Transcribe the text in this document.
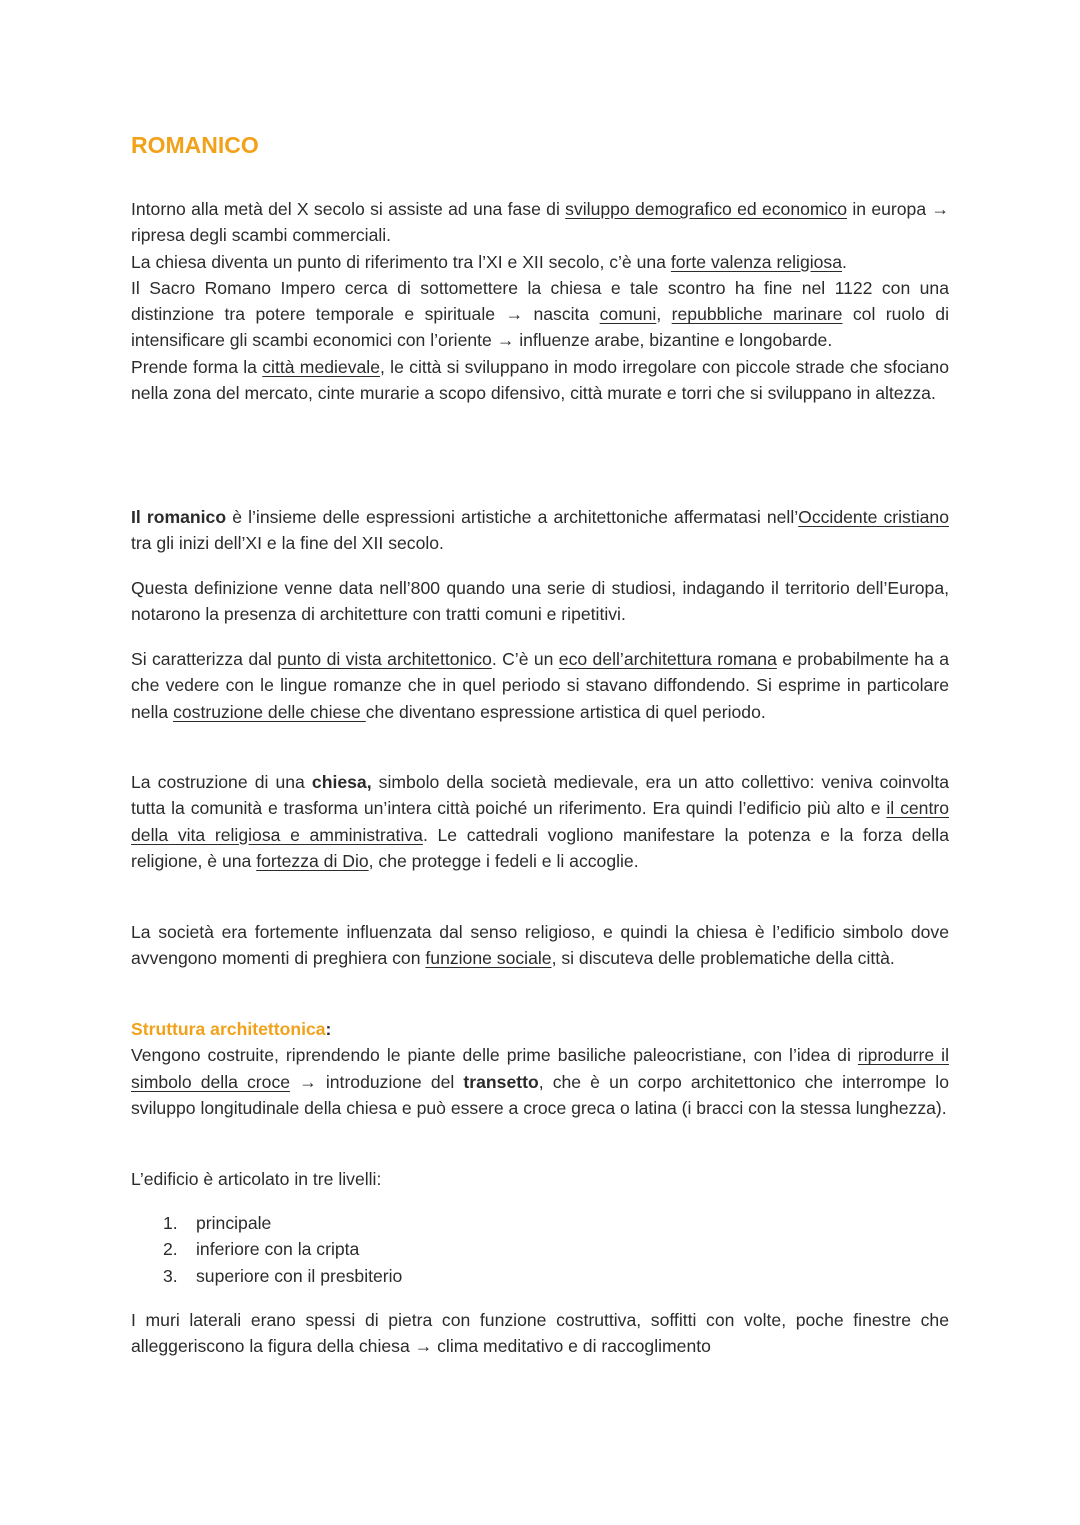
ROMANICO

Intorno alla metà del X secolo si assiste ad una fase di sviluppo demografico ed economico in europa → ripresa degli scambi commerciali.
La chiesa diventa un punto di riferimento tra l’XI e XII secolo, c’è una forte valenza religiosa.
Il Sacro Romano Impero cerca di sottomettere la chiesa e tale scontro ha fine nel 1122 con una distinzione tra potere temporale e spirituale → nascita comuni, repubbliche marinare col ruolo di intensificare gli scambi economici con l’oriente → influenze arabe, bizantine e longobarde.
Prende forma la città medievale, le città si sviluppano in modo irregolare con piccole strade che sfociano nella zona del mercato, cinte murarie a scopo difensivo, città murate e torri che si sviluppano in altezza.

Il romanico è l’insieme delle espressioni artistiche a architettoniche affermatasi nell’Occidente cristiano tra gli inizi dell’XI e la fine del XII secolo.

Questa definizione venne data nell’800 quando una serie di studiosi, indagando il territorio dell’Europa, notarono la presenza di architetture con tratti comuni e ripetitivi.

Si caratterizza dal punto di vista architettonico. C’è un eco dell’architettura romana e probabilmente ha a che vedere con le lingue romanze che in quel periodo si stavano diffondendo. Si esprime in particolare nella costruzione delle chiese che diventano espressione artistica di quel periodo.

La costruzione di una chiesa, simbolo della società medievale, era un atto collettivo: veniva coinvolta tutta la comunità e trasforma un’intera città poiché un riferimento. Era quindi l’edificio più alto e il centro della vita religiosa e amministrativa. Le cattedrali vogliono manifestare la potenza e la forza della religione, è una fortezza di Dio, che protegge i fedeli e li accoglie.

La società era fortemente influenzata dal senso religioso, e quindi la chiesa è l’edificio simbolo dove avvengono momenti di preghiera con funzione sociale, si discuteva delle problematiche della città.

Struttura architettonica:
Vengono costruite, riprendendo le piante delle prime basiliche paleocristiane, con l’idea di riprodurre il simbolo della croce → introduzione del transetto, che è un corpo architettonico che interrompe lo sviluppo longitudinale della chiesa e può essere a croce greca o latina (i bracci con la stessa lunghezza).

L’edificio è articolato in tre livelli:

1. principale
2. inferiore con la cripta
3. superiore con il presbiterio

I muri laterali erano spessi di pietra con funzione costruttiva, soffitti con volte, poche finestre che alleggeriscono la figura della chiesa → clima meditativo e di raccoglimento
